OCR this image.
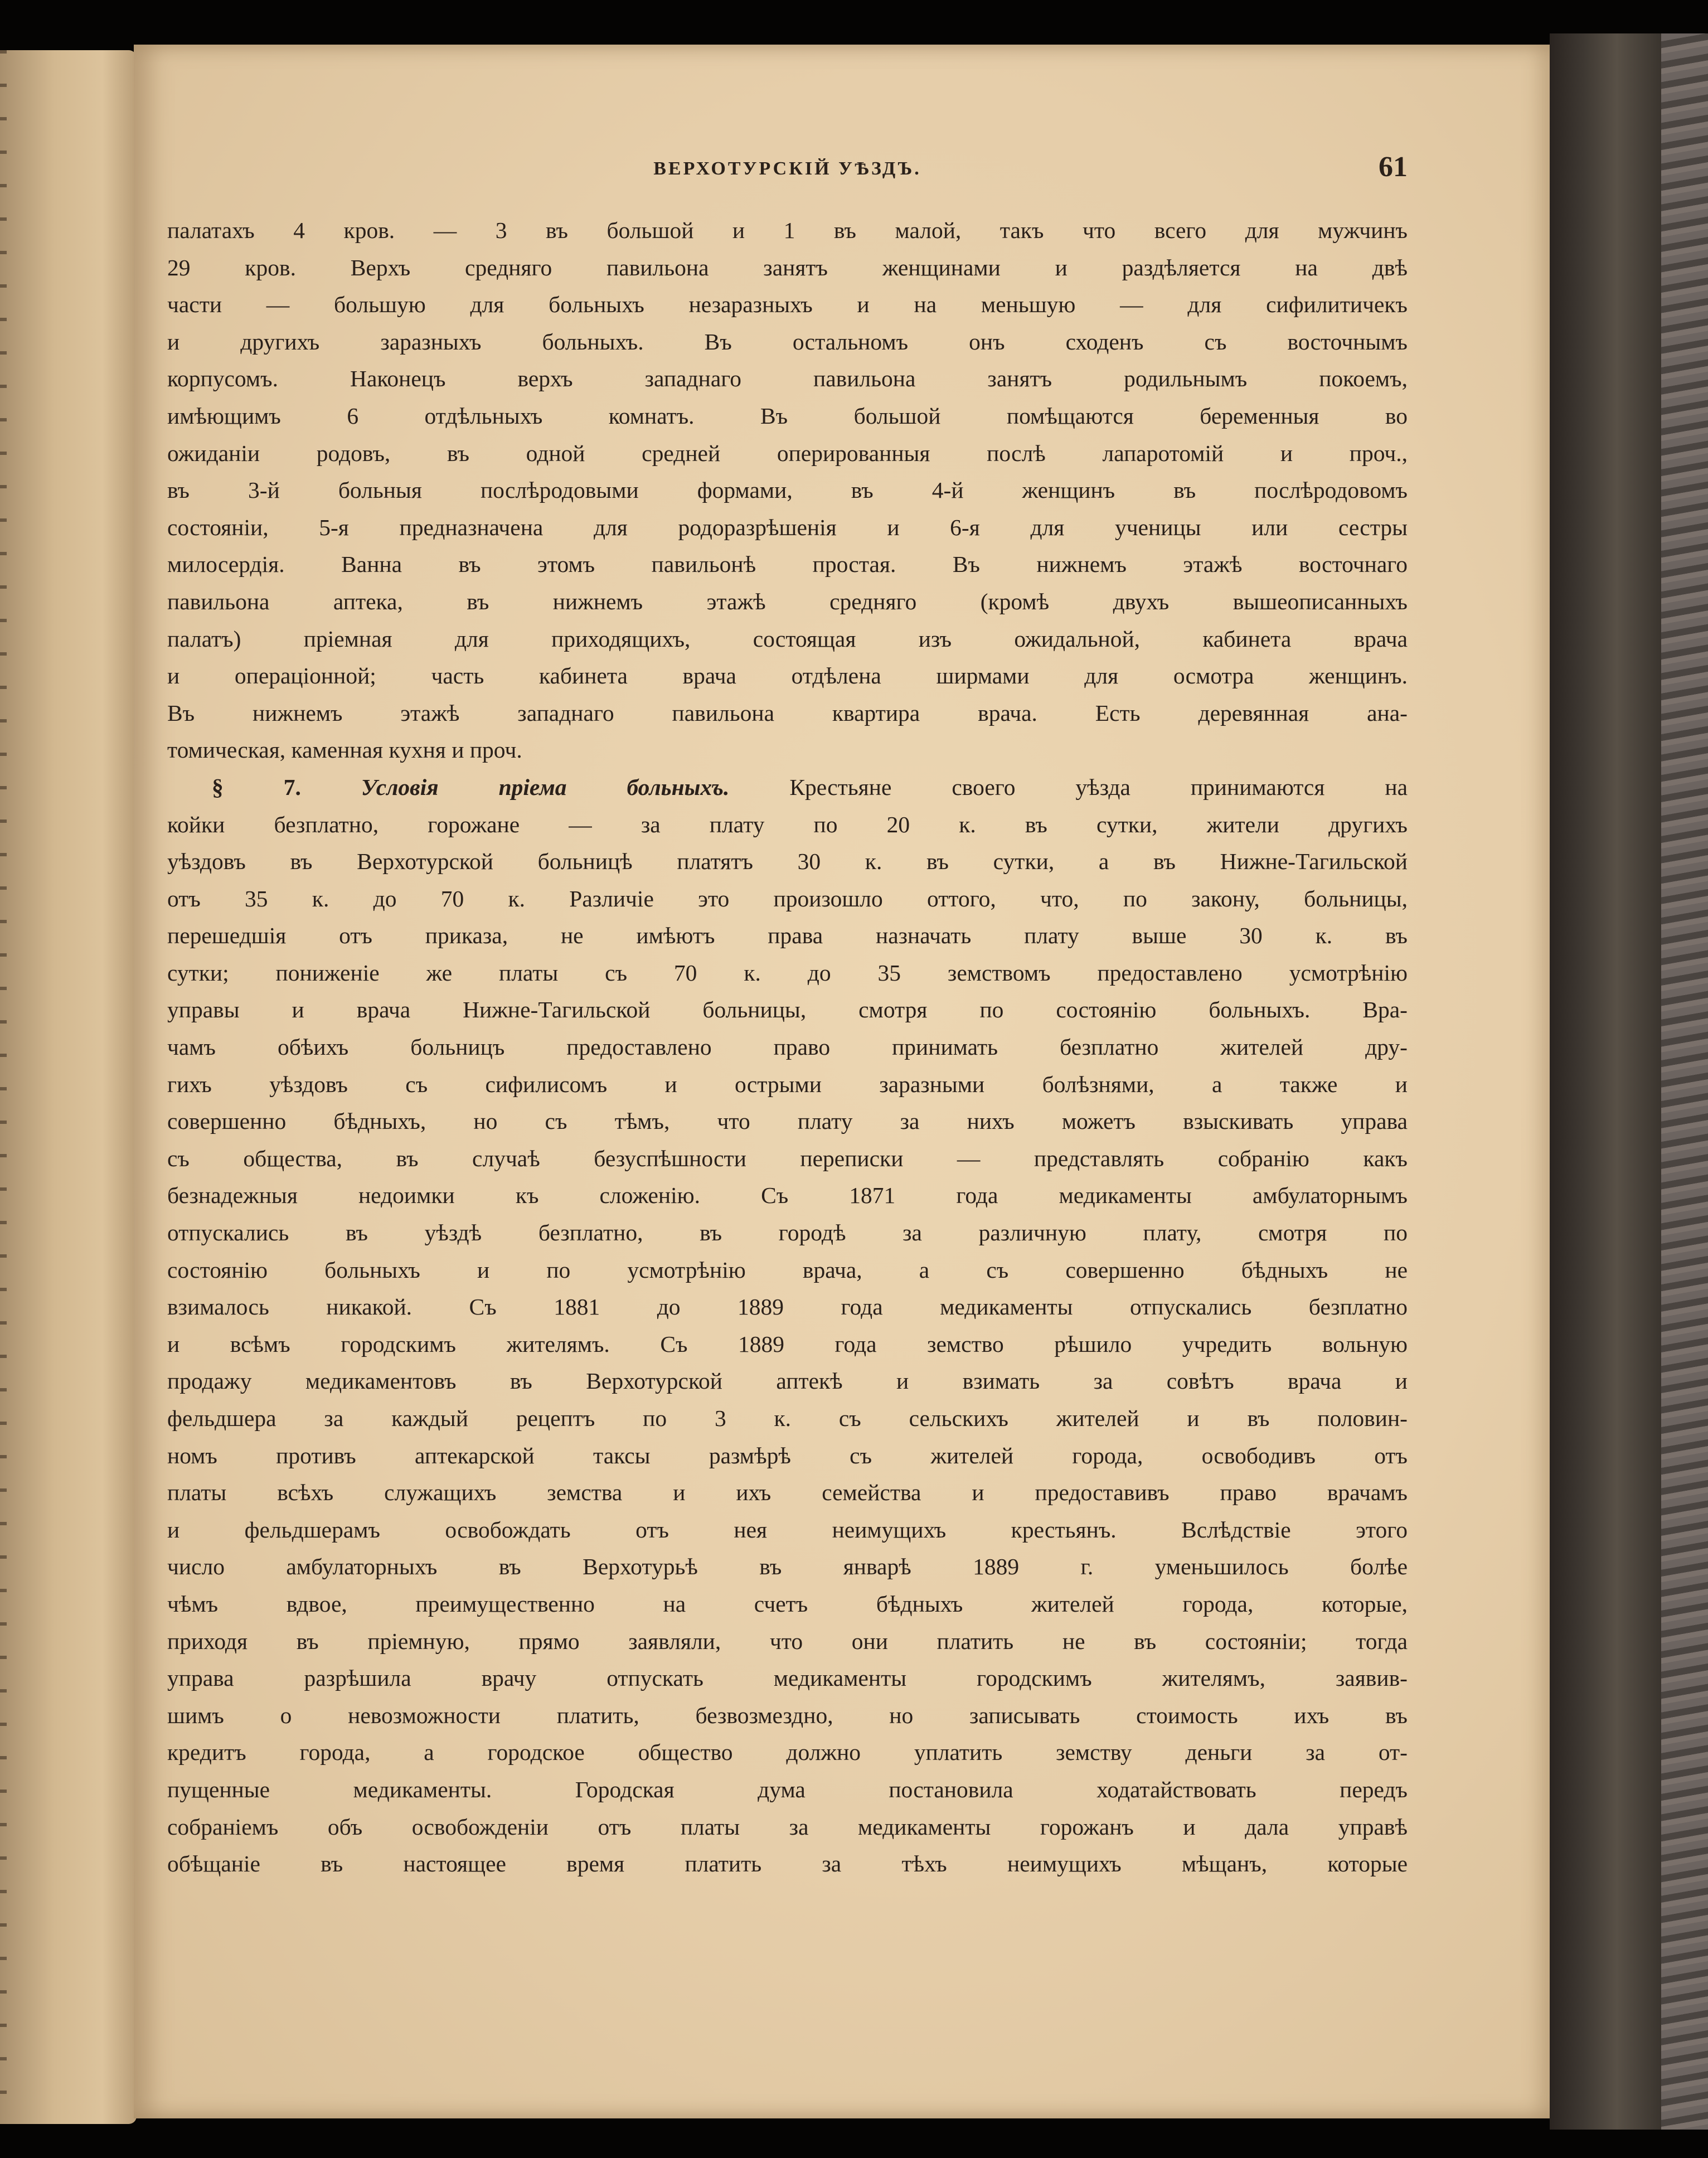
ВЕРХОТУРСКІЙ УѢЗДЪ.	61
палатахъ 4 кров. — 3 въ большой и 1 въ малой, такъ что всего для мужчинъ
29 кров. Верхъ средняго павильона занятъ женщинами и раздѣляется на двѣ
части — большую для больныхъ незаразныхъ и на меньшую — для сифилитичекъ
и другихъ заразныхъ больныхъ. Въ остальномъ онъ сходенъ съ восточнымъ
корпусомъ. Наконецъ верхъ западнаго павильона занятъ родильнымъ покоемъ,
имѣющимъ 6 отдѣльныхъ комнатъ. Въ большой помѣщаются беременныя во
ожиданіи родовъ, въ одной средней оперированныя послѣ лапаротомій и проч.,
въ 3-й больныя послѣродовыми формами, въ 4-й женщинъ въ послѣродовомъ
состояніи, 5-я предназначена для родоразрѣшенія и 6-я для ученицы или сестры
милосердія. Ванна въ этомъ павильонѣ простая. Въ нижнемъ этажѣ восточнаго
павильона аптека, въ нижнемъ этажѣ средняго (кромѣ двухъ вышеописанныхъ
палатъ) пріемная для приходящихъ, состоящая изъ ожидальной, кабинета врача
и операціонной; часть кабинета врача отдѣлена ширмами для осмотра женщинъ.
Въ нижнемъ этажѣ западнаго павильона квартира врача. Есть деревянная ана-
томическая, каменная кухня и проч.
§ 7.	Условія пріема больныхъ. Крестьяне своего уѣзда принимаются на
койки безплатно, горожане — за плату по 20 к. въ сутки, жители другихъ
уѣздовъ въ Верхотурской больницѣ платятъ 30 к. въ сутки, а въ Нижне-Тагильской
отъ 35 к. до 70 к. Различіе это произошло оттого, что, по закону, больницы,
перешедшія отъ приказа, не имѣютъ права назначать плату выше 30 к. въ
сутки; пониженіе же платы съ 70 к. до 35 земствомъ предоставлено усмотрѣнію
управы и врача Нижне-Тагильской больницы, смотря по состоянію больныхъ. Вра-
чамъ обѣихъ больницъ предоставлено право принимать безплатно жителей дру-
гихъ уѣздовъ съ сифилисомъ и острыми заразными болѣзнями, а также и
совершенно бѣдныхъ, но съ тѣмъ, что плату за нихъ можетъ взыскивать управа
съ общества, въ случаѣ безуспѣшности переписки — представлять собранію какъ
безнадежныя недоимки къ сложенію. Съ 1871 года медикаменты амбулаторнымъ
отпускались въ уѣздѣ безплатно, въ городѣ за различную плату, смотря по
состоянію больныхъ и по усмотрѣнію врача, а съ совершенно бѣдныхъ не
взималось никакой. Съ 1881 до 1889 года медикаменты отпускались безплатно
и всѣмъ городскимъ жителямъ. Съ 1889 года земство рѣшило учредить вольную
продажу медикаментовъ въ Верхотурской аптекѣ и взимать за совѣтъ врача и
фельдшера за каждый рецептъ по 3 к. съ сельскихъ жителей и въ половин-
номъ противъ аптекарской таксы размѣрѣ съ жителей города, освободивъ отъ
платы всѣхъ служащихъ земства и ихъ семейства и предоставивъ право врачамъ
и фельдшерамъ освобождать отъ нея неимущихъ крестьянъ. Вслѣдствіе этого
число амбулаторныхъ въ Верхотурьѣ въ январѣ 1889 г. уменьшилось болѣе
чѣмъ вдвое, преимущественно на счетъ бѣдныхъ жителей города, которые,
приходя въ пріемную, прямо заявляли, что они платить не въ состояніи; тогда
управа разрѣшила врачу отпускать медикаменты городскимъ жителямъ, заявив-
шимъ о невозможности платить, безвозмездно, но записывать стоимость ихъ въ
кредитъ города, а городское общество должно уплатить земству деньги за от-
пущенные медикаменты. Городская дума постановила ходатайствовать передъ
собраніемъ объ освобожденіи отъ платы за медикаменты горожанъ и дала управѣ
обѣщаніе въ настоящее время платить за тѣхъ неимущихъ мѣщанъ, которые
